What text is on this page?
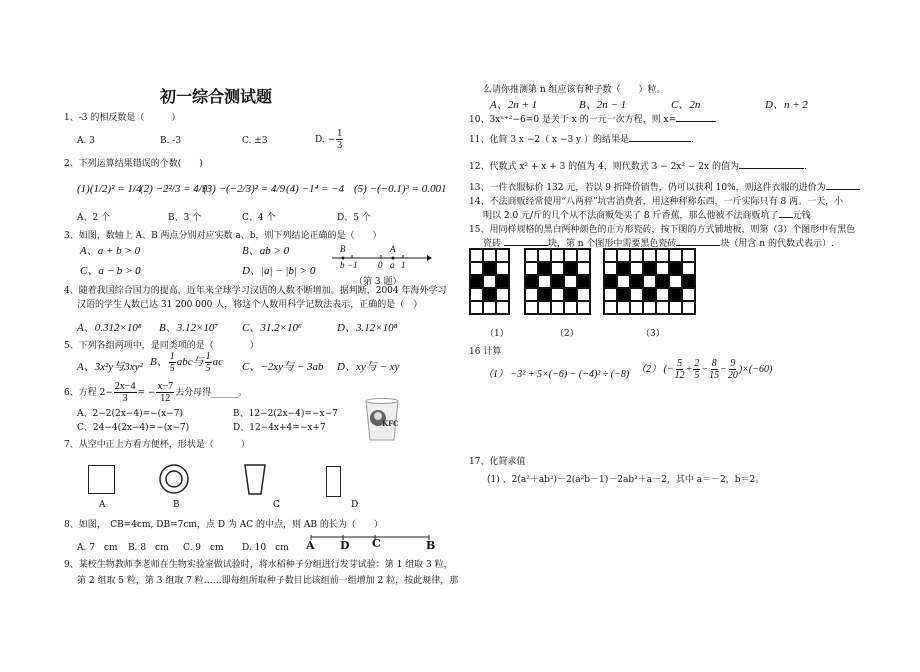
初一综合测试题
1、-3 的相反数是（　　　）
A. 3	B. -3	C. ±3	D. − $\frac{1}{3}$
2、下列运算结果错误的个数(　　)
(1)(1/2)² = 1/4
(2) −2²/3 = 4/9
(3) −(−2/3)² = 4/9 (4) −1⁴ = −4 (5) −(−0.1)³ = 0.001
A、2 个	B、3 个	C、4 个	D、5 个
3、如图，数轴上 A、B 两点分别对应实数 a、b，则下列结论正确的是（　　）
A、a + b > 0	B、ab > 0
C、a − b > 0	D、|a| − |b| > 0
B	A
b −1 0 a 1
（第 3 题）
4、随着我国综合国力的提高，近年来全球学习汉语的人数不断增加。据判断，2004 年海外学习
汉语的学生人数已达 31 200 000 人，将这个人数用科学记数法表示，正确的是（　）
A、0.312×10⁸ B、3.12×10⁷ C、31.2×10⁶	D、3.12×10⁸
5、下列各组两项中，是同类项的是（　　　　）
A、3x²y与3xy² B、 $\frac{1}{5}$ abc与 $\frac{1}{5}$ ac C、−2xy与 − 3ab D、xy与 − xy
6、方程 $2- \frac{2x-4}{3}$ = − $\frac{x-7}{12}$ 去分母得______。
A、2−2(2x−4)=−(x−7)	B、12−2(2x−4)=−x−7
C、24−4(2x−4)=−(x−7)	D、12−4x+4=−x+7	KFC
7、从空中正上方看方便杯，形状是（　　　）
A	B	C	D
8、如图，　CB=4cm, DB=7cm，点 D 为 AC 的中点，则 AB 的长为（　　）
A. 7　cm B. 8　cm C. 9　cm D. 10　cm A D C	B
9、某校生物教师李老师在生物实验室做试验时，将水稻种子分组进行发芽试验：第 1 组取 3 粒，
第 2 组取 5 粒，第 3 组取 7 粒……即每组所取种子数目比该组前一组增加 2 粒，按此规律，那
么请你推测第 n 组应该有种子数（　　）粒。
A、2n + 1	B、2n − 1	C、2n	D、n + 2
10、3xⁿ⁺²−6=0 是关于 x 的一元一次方程，则 x=
11、化简 3 x −2（ x −3 y ）的结果是	.
12、代数式 x² + x + 3 的值为 4，则代数式 3 − 2x² − 2x 的值为	.
13、一件衣服标价 132 元，若以 9 折降价销售，仍可以获利 10%，则这件衣服的进价为
14、不法商贩经常使用“八两秤”坑害消费者，用这种秤称东西，一斤实际只有 8 两。一天，小
明以 2.0 元/斤的几个从不法商贩处买了 8 斤香蕉，那么他被不法商贩坑了 元钱
15、用同样规格的黑白两种颜色的正方形瓷砖，按下图的方式铺地板，则第（3）个图形中有黑色
瓷砖	块，第 n 个图形中需要黑色瓷砖	块（用含 n 的代数式表示）.
（1）	（2）	（3）
16 计算
（1） −3² + 5×(−6) − (−4)² ÷ (−8) （2） (− $\frac{5}{12} + \frac{2}{5} - \frac{8}{15} - \frac{9}{20} )\times(-60)$
17、化简求值
(1) 、2(a²＋ab²)－2(a²b－1)－2ab²＋a－2，其中 a＝－2，b＝2。
